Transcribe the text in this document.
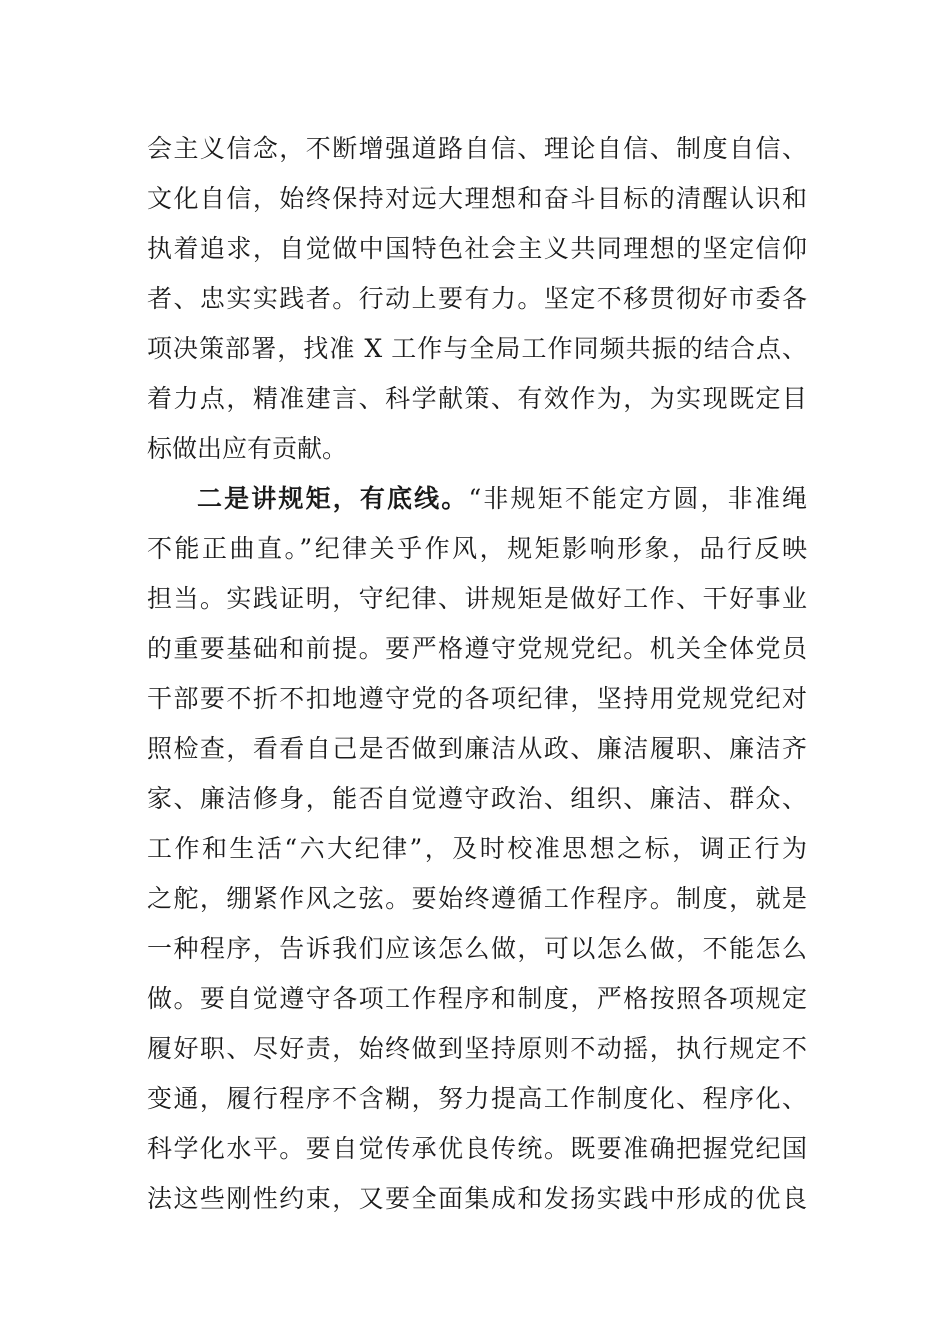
会主义信念，不断增强道路自信、理论自信、制度自信、
文化自信，始终保持对远大理想和奋斗目标的清醒认识和
执着追求，自觉做中国特色社会主义共同理想的坚定信仰
者、忠实实践者。行动上要有力。坚定不移贯彻好市委各
项决策部署，找准 X 工作与全局工作同频共振的结合点、
着力点，精准建言、科学献策、有效作为，为实现既定目
标做出应有贡献。
二是讲规矩，有底线。“非规矩不能定方圆，非准绳
不能正曲直。”纪律关乎作风，规矩影响形象，品行反映
担当。实践证明，守纪律、讲规矩是做好工作、干好事业
的重要基础和前提。要严格遵守党规党纪。机关全体党员
干部要不折不扣地遵守党的各项纪律，坚持用党规党纪对
照检查，看看自己是否做到廉洁从政、廉洁履职、廉洁齐
家、廉洁修身，能否自觉遵守政治、组织、廉洁、群众、
工作和生活“六大纪律”，及时校准思想之标，调正行为
之舵，绷紧作风之弦。要始终遵循工作程序。制度，就是
一种程序，告诉我们应该怎么做，可以怎么做，不能怎么
做。要自觉遵守各项工作程序和制度，严格按照各项规定
履好职、尽好责，始终做到坚持原则不动摇，执行规定不
变通，履行程序不含糊，努力提高工作制度化、程序化、
科学化水平。要自觉传承优良传统。既要准确把握党纪国
法这些刚性约束，又要全面集成和发扬实践中形成的优良
